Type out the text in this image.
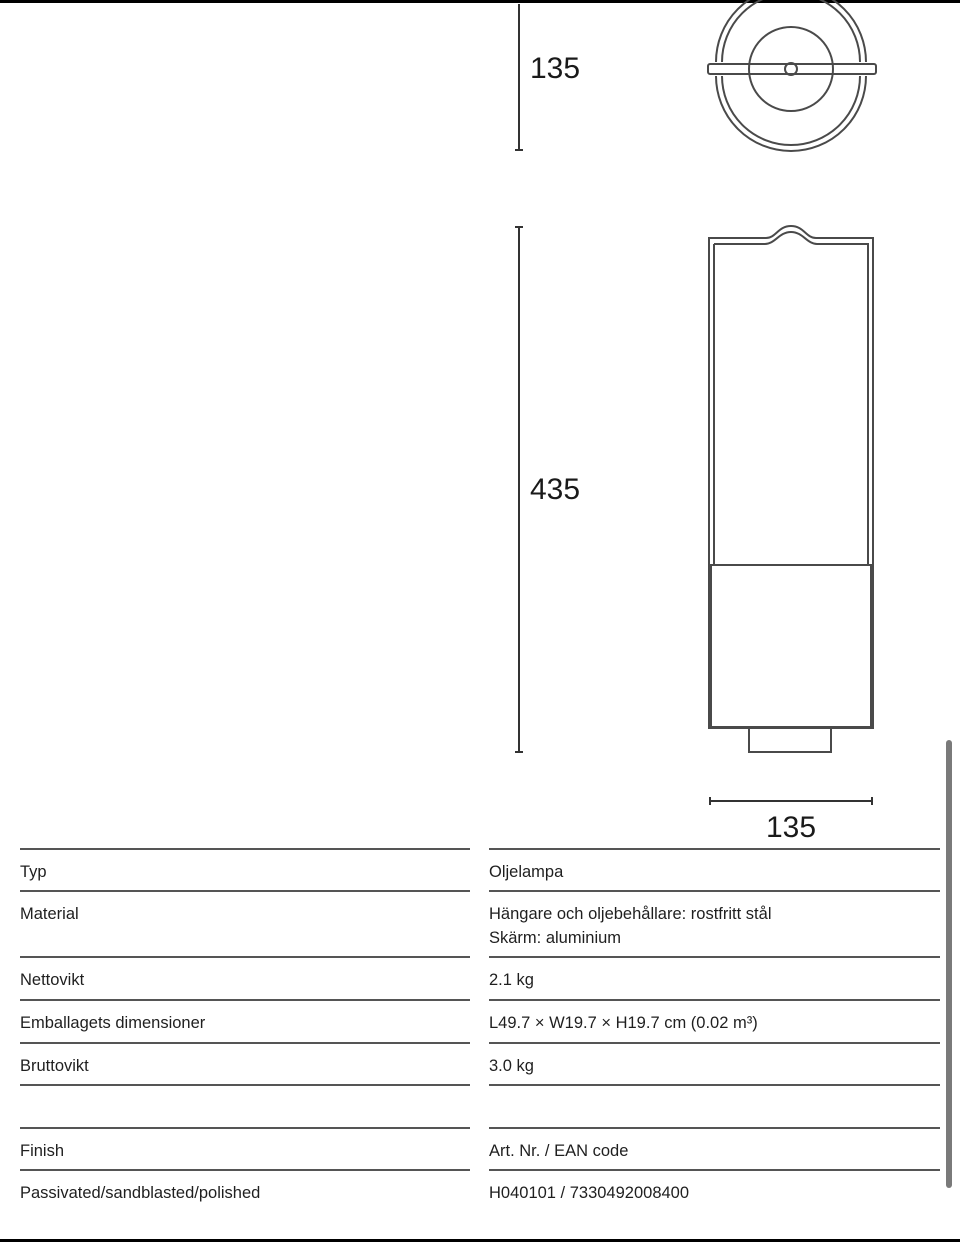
135
435
135
Typ	Oljelampa
Material	Hängare och oljebehållare: rostfritt stål
Skärm: aluminium
Nettovikt	2.1 kg
Emballagets dimensioner	L49.7 × W19.7 × H19.7 cm (0.02 m³)
Bruttovikt	3.0 kg
Finish	Art. Nr. / EAN code
Passivated/sandblasted/polished	H040101 / 7330492008400
